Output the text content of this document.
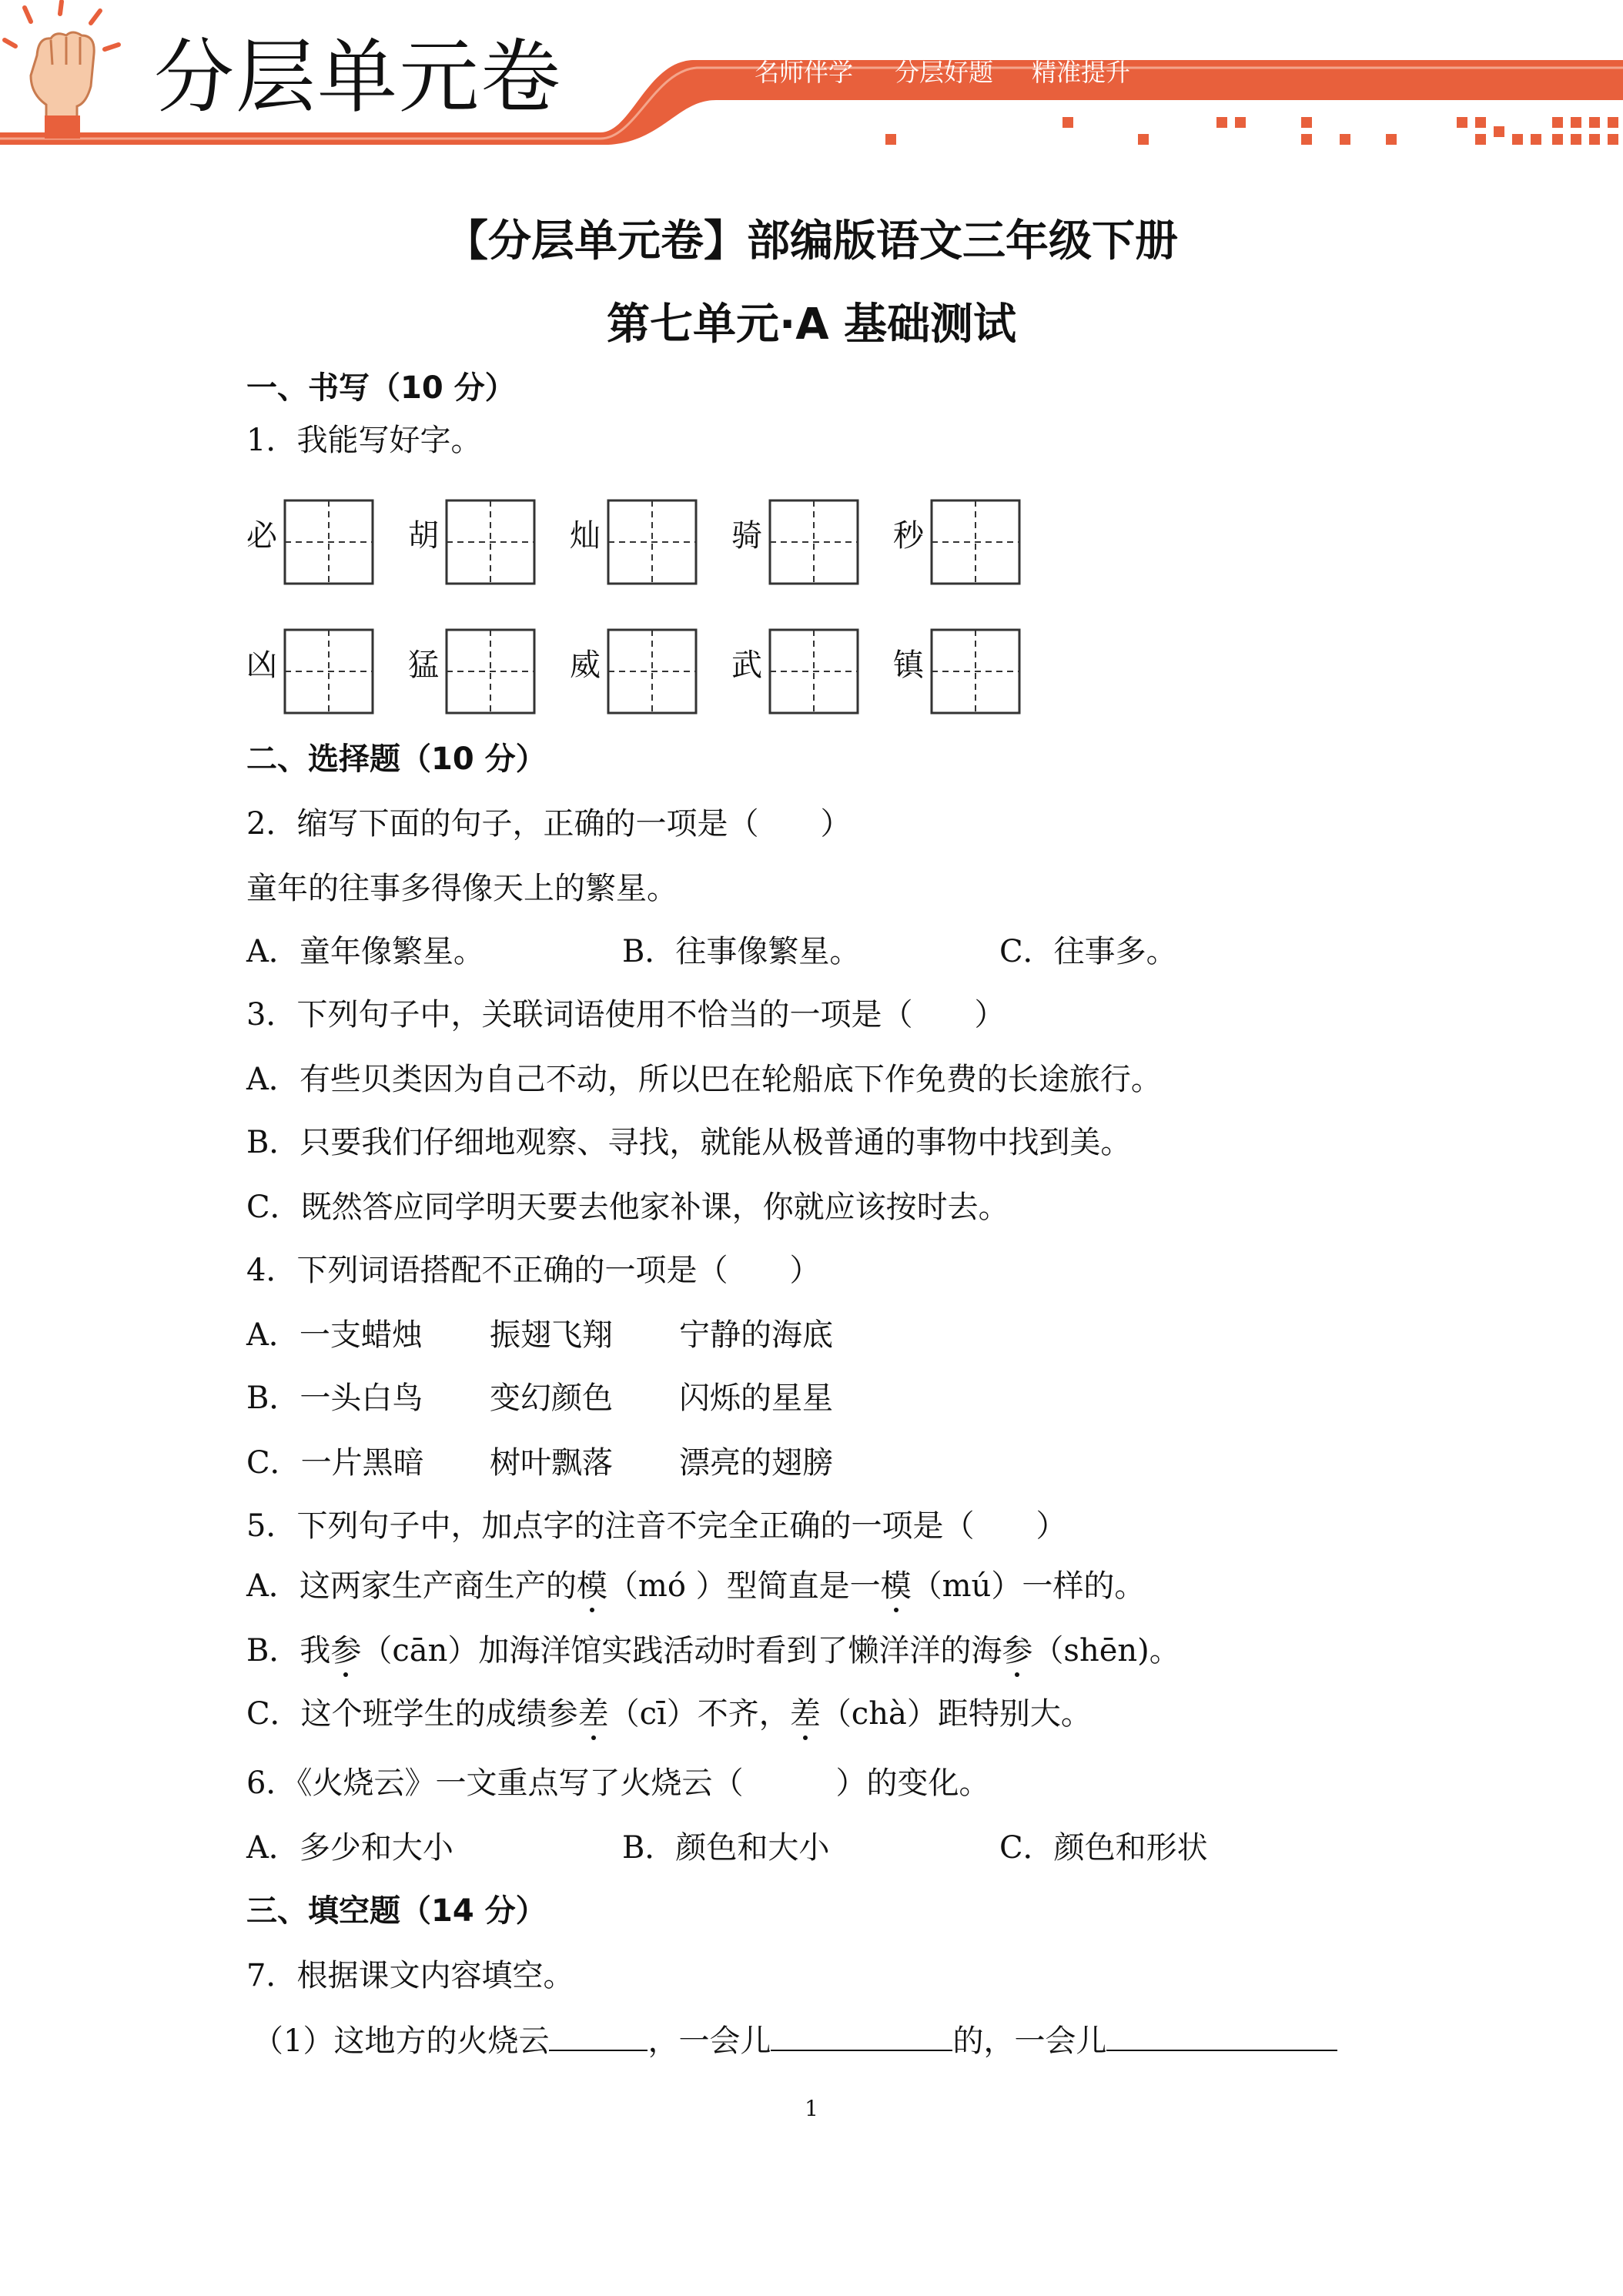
分层单元卷	名师伴学 分层好题 精准提升
【分层单元卷】部编版语文三年级下册
第七单元·A 基础测试
一、书写（10 分）
1．我能写好字。
必	胡	灿	骑	秒
凶	猛	威	武	镇
二、选择题（10 分）
2．缩写下面的句子，正确的一项是（　　）
童年的往事多得像天上的繁星。
A．童年像繁星。	B．往事像繁星。	C．往事多。
3．下列句子中，关联词语使用不恰当的一项是（　　）
A．有些贝类因为自己不动，所以巴在轮船底下作免费的长途旅行。
B．只要我们仔细地观察、寻找，就能从极普通的事物中找到美。
C．既然答应同学明天要去他家补课，你就应该按时去。
4．下列词语搭配不正确的一项是（　　）
A．一支蜡烛 振翅飞翔 宁静的海底
B．一头白鸟 变幻颜色 闪烁的星星
C．一片黑暗 树叶飘落 漂亮的翅膀
5．下列句子中，加点字的注音不完全正确的一项是（　　）
A．这两家生产商生产的模（mó ）型简直是一模（mú）一样的。
B．我参（cān）加海洋馆实践活动时看到了懒洋洋的海参（shēn)。
C．这个班学生的成绩参差（cī）不齐，差（chà）距特别大。
6．《火烧云》一文重点写了火烧云（　　　）的变化。
A．多少和大小	B．颜色和大小	C．颜色和形状
三、填空题（14 分）
7．根据课文内容填空。
（1）这地方的火烧云	，一会儿	的，一会儿
1
